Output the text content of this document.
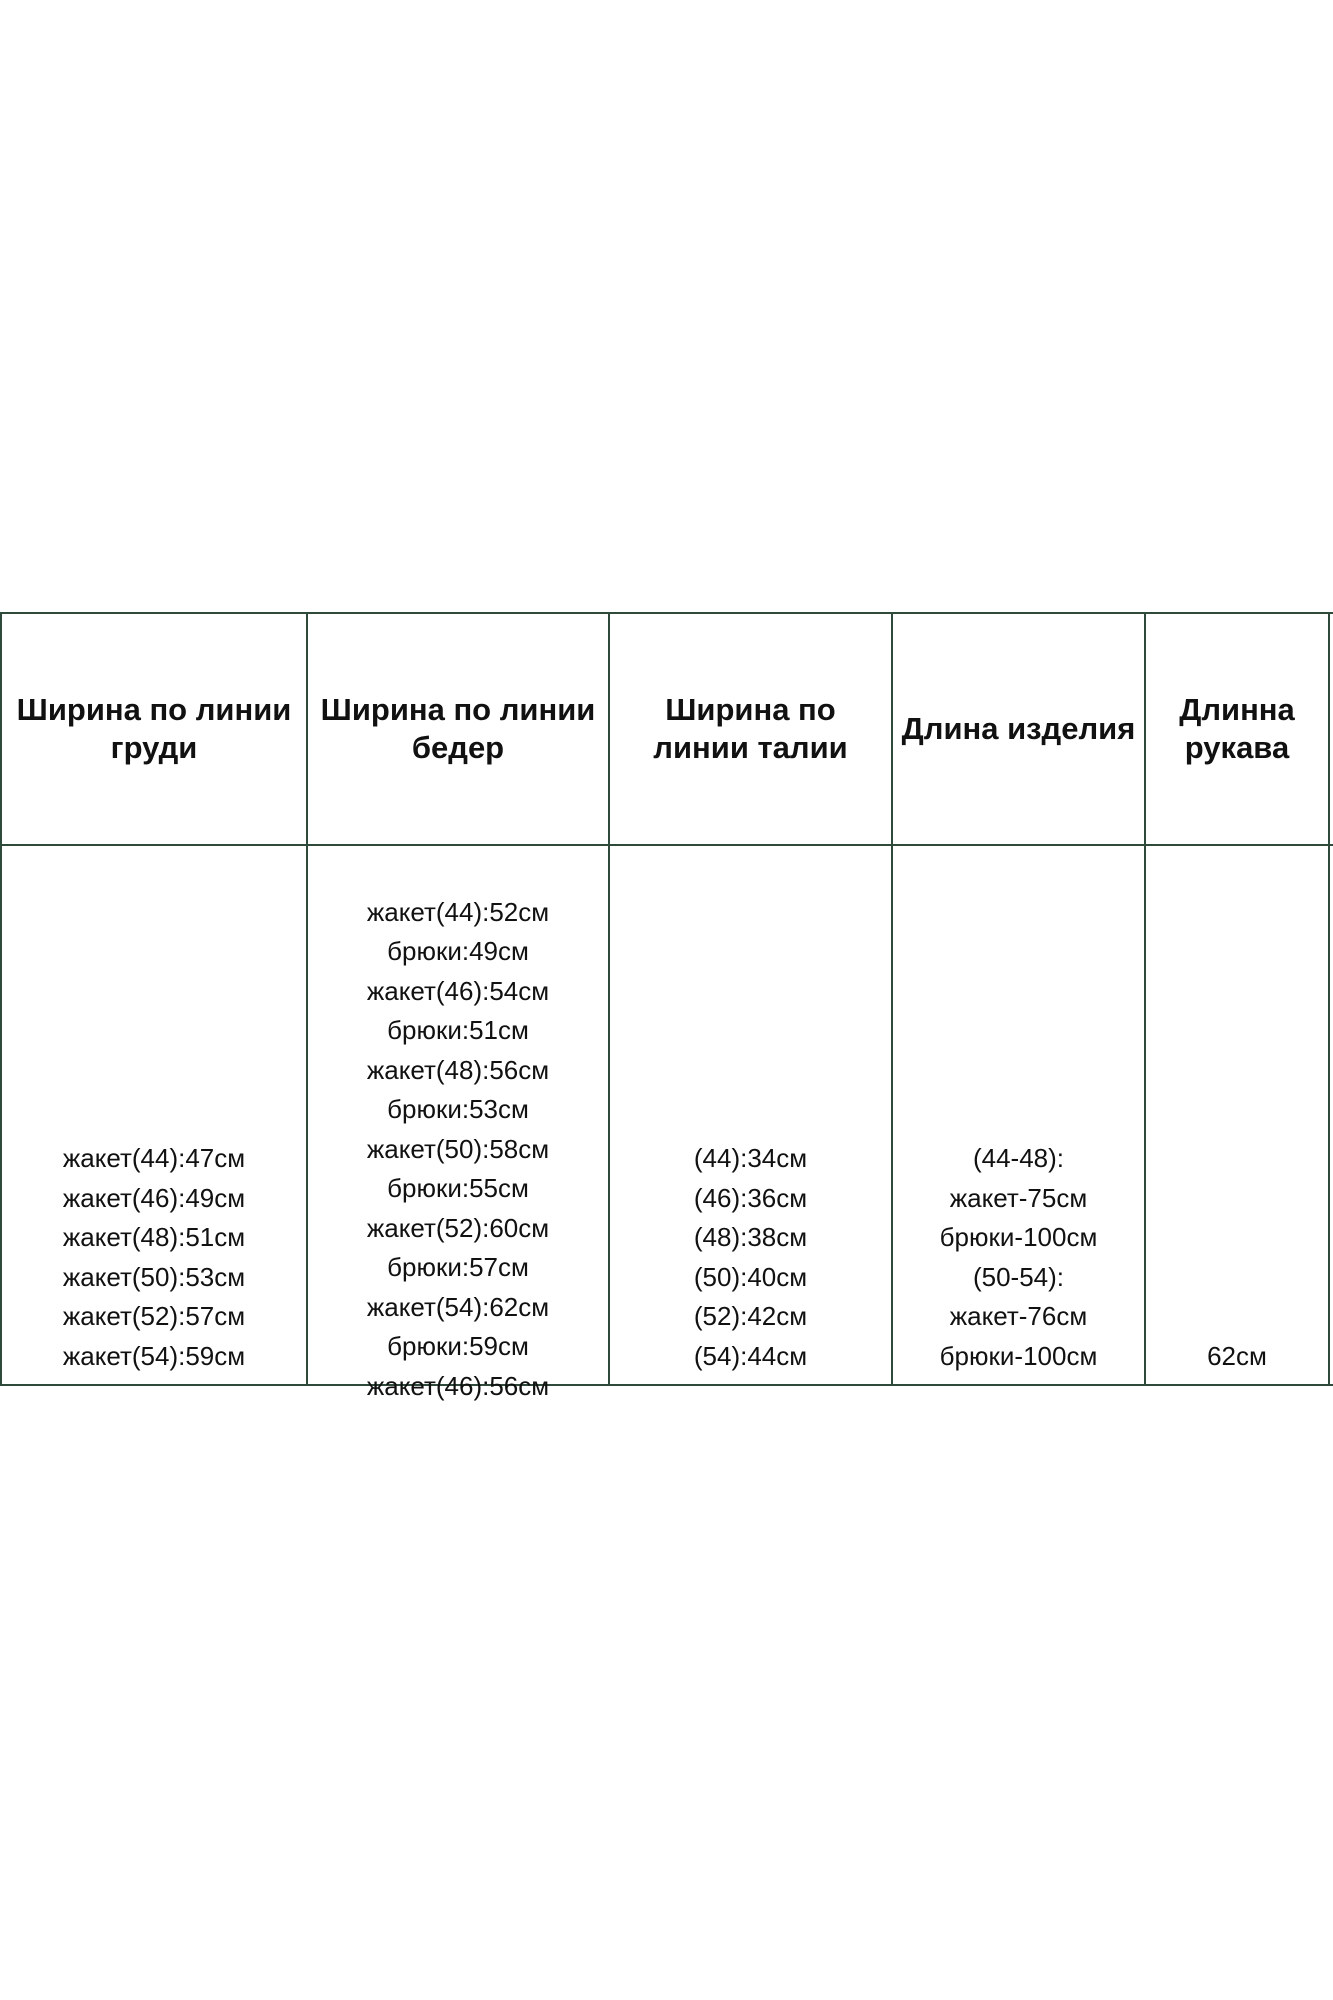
Ширина по линии груди
Ширина по линии бедер
Ширина по линии талии
Длина изделия
Длинна рукава
жакет(44):47см
жакет(46):49см
жакет(48):51см
жакет(50):53см
жакет(52):57см
жакет(54):59см
жакет(44):52см
брюки:49см
жакет(46):54см
брюки:51см
жакет(48):56см
брюки:53см
жакет(50):58см
брюки:55см
жакет(52):60см
брюки:57см
жакет(54):62см
брюки:59см
жакет(46):56см
(44):34см
(46):36см
(48):38см
(50):40см
(52):42см
(54):44см
(44-48):
жакет-75см
брюки-100см
(50-54):
жакет-76см
брюки-100см	62см
